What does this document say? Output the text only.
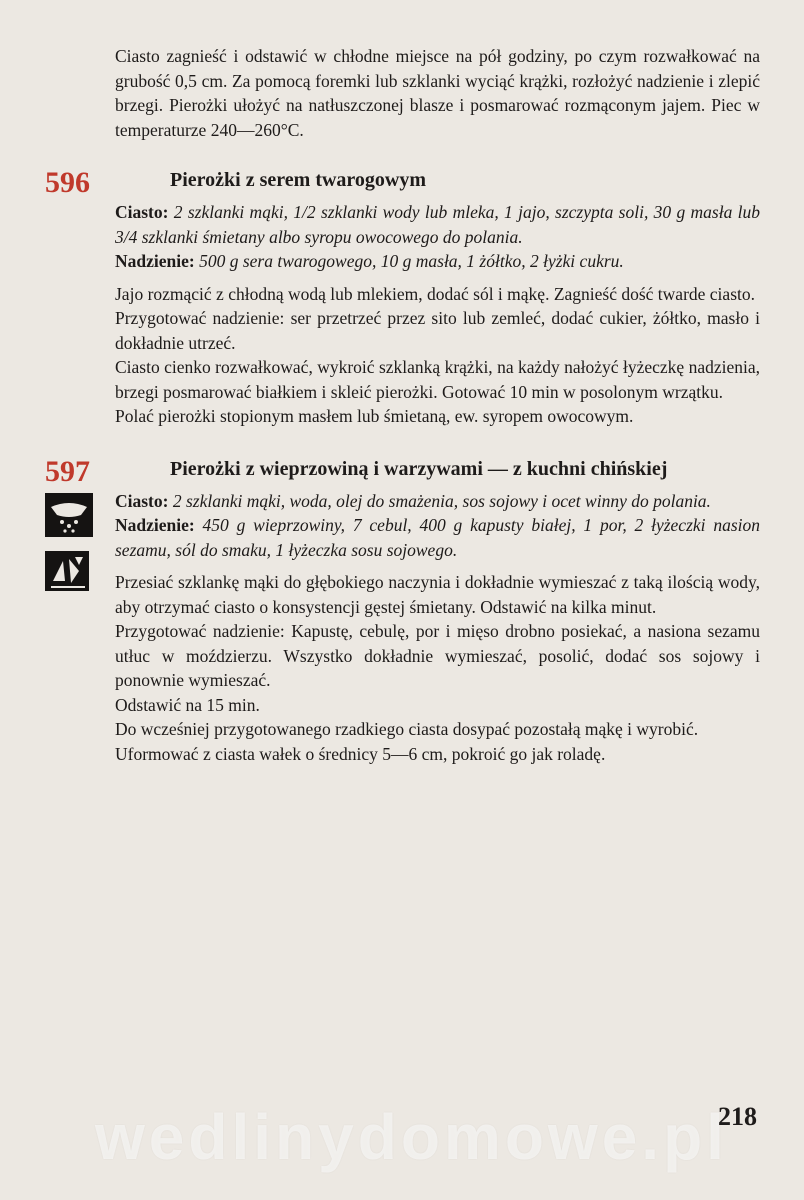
Ciasto zagnieść i odstawić w chłodne miejsce na pół godziny, po czym rozwałkować na grubość 0,5 cm. Za pomocą foremki lub szklanki wyciąć krążki, rozłożyć nadzienie i zlepić brzegi. Pierożki ułożyć na natłuszczonej blasze i posmarować rozmąconym jajem. Piec w temperaturze 240—260°C.

596	Pierożki z serem twarogowym

Ciasto: 2 szklanki mąki, 1/2 szklanki wody lub mleka, 1 jajo, szczypta soli, 30 g masła lub 3/4 szklanki śmietany albo syropu owocowego do polania.

Nadzienie: 500 g sera twarogowego, 10 g masła, 1 żółtko, 2 łyżki cukru.

Jajo rozmącić z chłodną wodą lub mlekiem, dodać sól i mąkę. Zagnieść dość twarde ciasto.

Przygotować nadzienie: ser przetrzeć przez sito lub zemleć, dodać cukier, żółtko, masło i dokładnie utrzeć.

Ciasto cienko rozwałkować, wykroić szklanką krążki, na każdy nałożyć łyżeczkę nadzienia, brzegi posmarować białkiem i skleić pierożki. Gotować 10 min w posolonym wrzątku.

Polać pierożki stopionym masłem lub śmietaną, ew. syropem owocowym.

597	Pierożki z wieprzowiną i warzywami — z kuchni chińskiej

Ciasto: 2 szklanki mąki, woda, olej do smażenia, sos sojowy i ocet winny do polania.

Nadzienie: 450 g wieprzowiny, 7 cebul, 400 g kapusty białej, 1 por, 2 łyżeczki nasion sezamu, sól do smaku, 1 łyżeczka sosu sojowego.

Przesiać szklankę mąki do głębokiego naczynia i dokładnie wymieszać z taką ilością wody, aby otrzymać ciasto o konsystencji gęstej śmietany. Odstawić na kilka minut.

Przygotować nadzienie: Kapustę, cebulę, por i mięso drobno posiekać, a nasiona sezamu utłuc w moździerzu. Wszystko dokładnie wymieszać, posolić, dodać sos sojowy i ponownie wymieszać.

Odstawić na 15 min.

Do wcześniej przygotowanego rzadkiego ciasta dosypać pozostałą mąkę i wyrobić.

Uformować z ciasta wałek o średnicy 5—6 cm, pokroić go jak roladę.

wedlinydomowe.pl
218
